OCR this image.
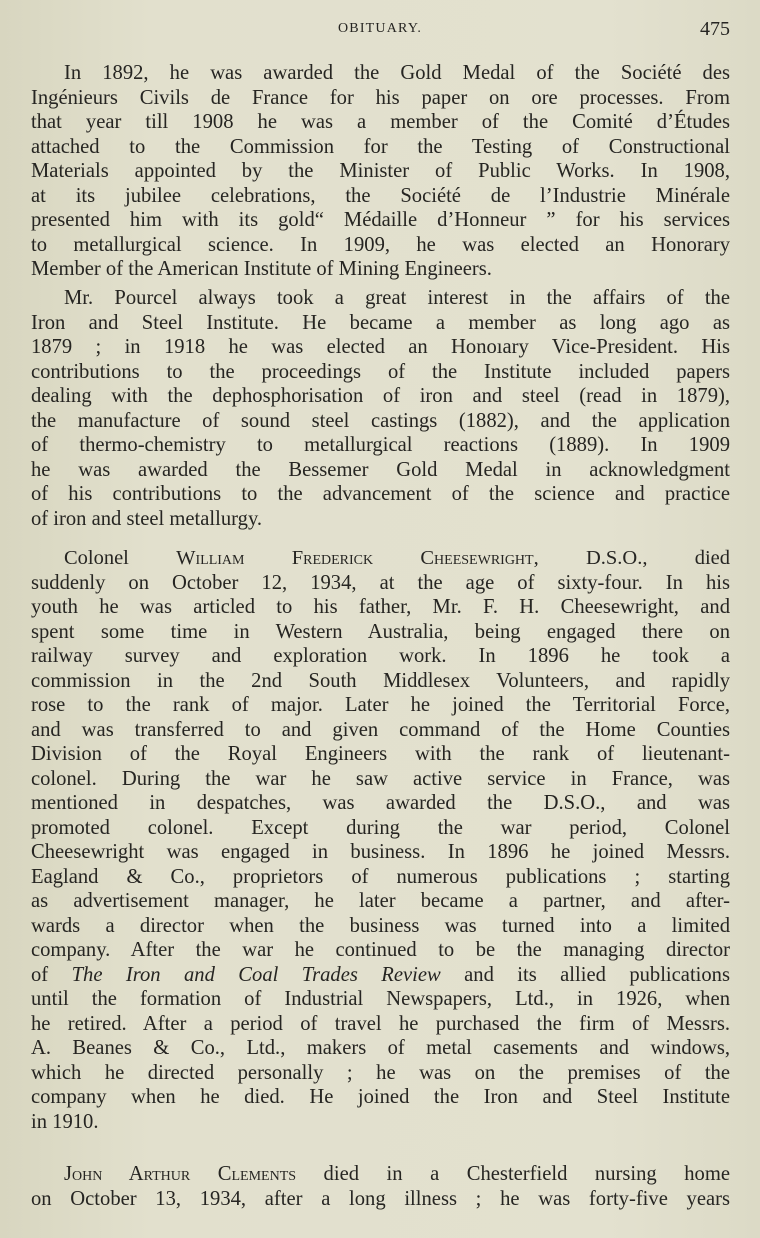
OBITUARY.	475
In 1892, he was awarded the Gold Medal of the Société des
Ingénieurs Civils de France for his paper on ore processes. From
that year till 1908 he was a member of the Comité d’Études
attached to the Commission for the Testing of Constructional
Materials appointed by the Minister of Public Works. In 1908,
at its jubilee celebrations, the Société de l’Industrie Minérale
presented him with its gold“ Médaille d’Honneur ” for his services
to metallurgical science. In 1909, he was elected an Honorary
Member of the American Institute of Mining Engineers.
Mr. Pourcel always took a great interest in the affairs of the
Iron and Steel Institute. He became a member as long ago as
1879 ; in 1918 he was elected an Honoıary Vice-President. His
contributions to the proceedings of the Institute included papers
dealing with the dephosphorisation of iron and steel (read in 1879),
the manufacture of sound steel castings (1882), and the application
of thermo-chemistry to metallurgical reactions (1889). In 1909
he was awarded the Bessemer Gold Medal in acknowledgment
of his contributions to the advancement of the science and practice
of iron and steel metallurgy.
Colonel William Frederick Cheesewright, D.S.O., died
suddenly on October 12, 1934, at the age of sixty-four. In his
youth he was articled to his father, Mr. F. H. Cheesewright, and
spent some time in Western Australia, being engaged there on
railway survey and exploration work. In 1896 he took a
commission in the 2nd South Middlesex Volunteers, and rapidly
rose to the rank of major. Later he joined the Territorial Force,
and was transferred to and given command of the Home Counties
Division of the Royal Engineers with the rank of lieutenant-
colonel. During the war he saw active service in France, was
mentioned in despatches, was awarded the D.S.O., and was
promoted colonel. Except during the war period, Colonel
Cheesewright was engaged in business. In 1896 he joined Messrs.
Eagland & Co., proprietors of numerous publications ; starting
as advertisement manager, he later became a partner, and after-
wards a director when the business was turned into a limited
company. After the war he continued to be the managing director
of The Iron and Coal Trades Review and its allied publications
until the formation of Industrial Newspapers, Ltd., in 1926, when
he retired. After a period of travel he purchased the firm of Messrs.
A. Beanes & Co., Ltd., makers of metal casements and windows,
which he directed personally ; he was on the premises of the
company when he died. He joined the Iron and Steel Institute
in 1910.
John Arthur Clements died in a Chesterfield nursing home
on October 13, 1934, after a long illness ; he was forty-five years
